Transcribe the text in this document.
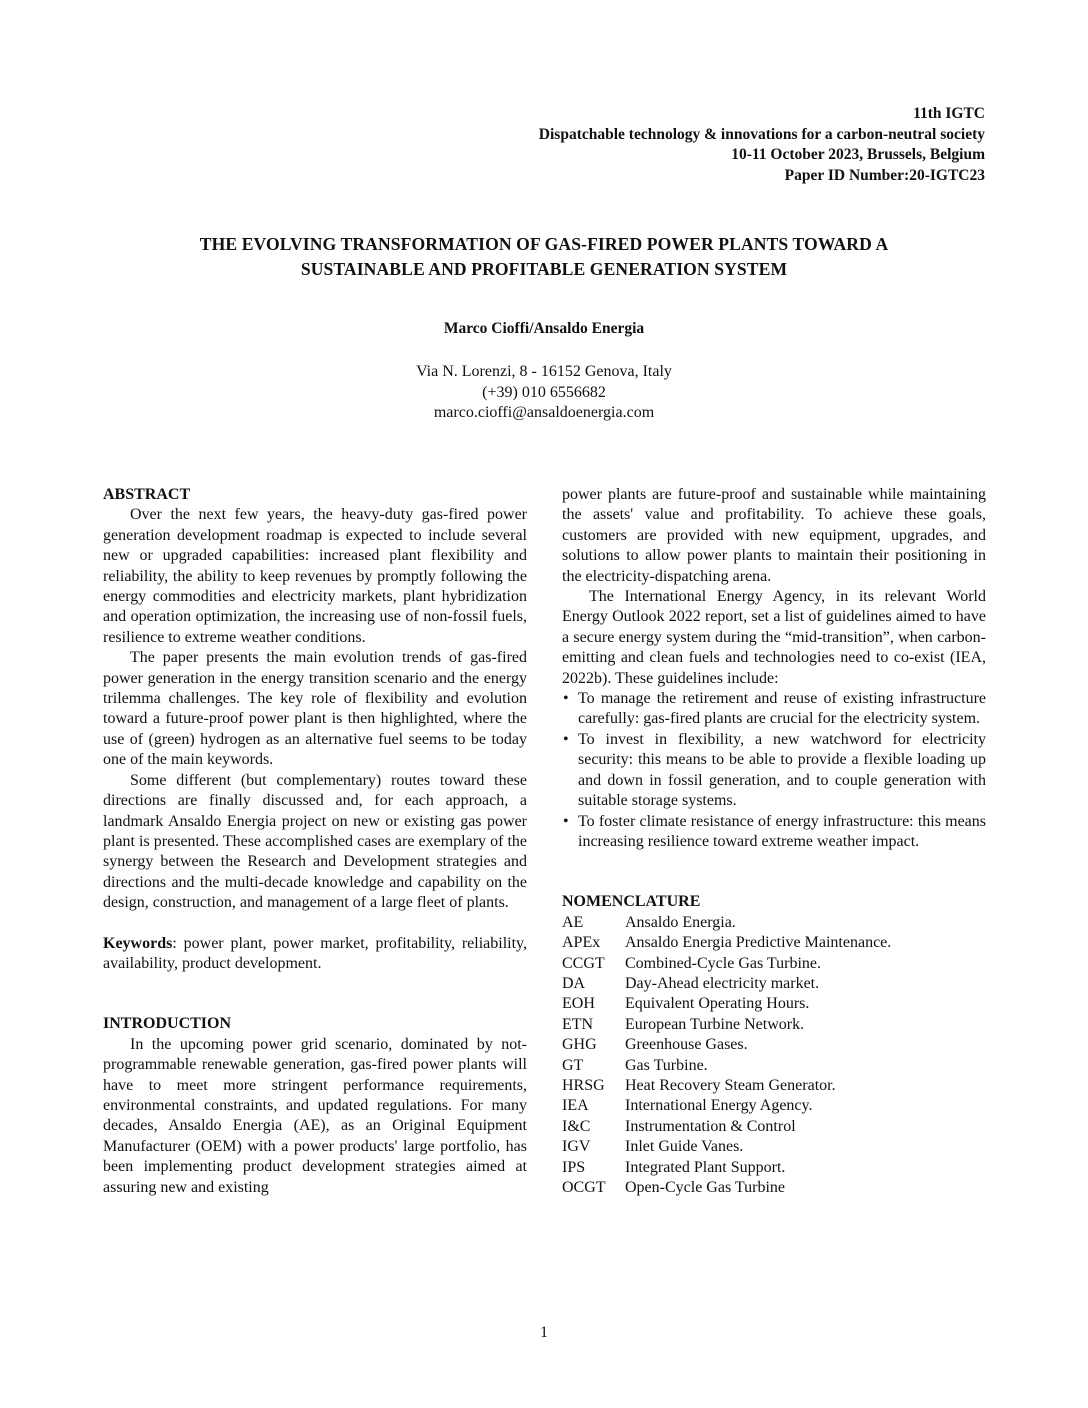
11th IGTC
Dispatchable technology & innovations for a carbon-neutral society
10-11 October 2023, Brussels, Belgium
Paper ID Number:20-IGTC23
THE EVOLVING TRANSFORMATION OF GAS-FIRED POWER PLANTS TOWARD A
SUSTAINABLE AND PROFITABLE GENERATION SYSTEM
Marco Cioffi/Ansaldo Energia
Via N. Lorenzi, 8 - 16152 Genova, Italy
(+39) 010 6556682
marco.cioffi@ansaldoenergia.com

ABSTRACT

Over the next few years, the heavy-duty gas-fired power generation development roadmap is expected to include several new or upgraded capabilities: increased plant flexibility and reliability, the ability to keep revenues by promptly following the energy commodities and electricity markets, plant hybridization and operation optimization, the increasing use of non-fossil fuels, resilience to extreme weather conditions.

The paper presents the main evolution trends of gas-fired power generation in the energy transition scenario and the energy trilemma challenges. The key role of flexibility and evolution toward a future-proof power plant is then highlighted, where the use of (green) hydrogen as an alternative fuel seems to be today one of the main keywords.

Some different (but complementary) routes toward these directions are finally discussed and, for each approach, a landmark Ansaldo Energia project on new or existing gas power plant is presented. These accomplished cases are exemplary of the synergy between the Research and Development strategies and directions and the multi-decade knowledge and capability on the design, construction, and management of a large fleet of plants.

Keywords: power plant, power market, profitability, reliability, availability, product development.

INTRODUCTION

In the upcoming power grid scenario, dominated by not-programmable renewable generation, gas-fired power plants will have to meet more stringent performance requirements, environmental constraints, and updated regulations. For many decades, Ansaldo Energia (AE), as an Original Equipment Manufacturer (OEM) with a power products' large portfolio, has been implementing product development strategies aimed at assuring new and existing

power plants are future-proof and sustainable while maintaining the assets' value and profitability. To achieve these goals, customers are provided with new equipment, upgrades, and solutions to allow power plants to maintain their positioning in the electricity-dispatching arena.

The International Energy Agency, in its relevant World Energy Outlook 2022 report, set a list of guidelines aimed to have a secure energy system during the “mid-transition”, when carbon-emitting and clean fuels and technologies need to co-exist (IEA, 2022b). These guidelines include:

• To manage the retirement and reuse of existing infrastructure carefully: gas-fired plants are crucial for the electricity system.
• To invest in flexibility, a new watchword for electricity security: this means to be able to provide a flexible loading up and down in fossil generation, and to couple generation with suitable storage systems.
• To foster climate resistance of energy infrastructure: this means increasing resilience toward extreme weather impact.

NOMENCLATURE

AE	Ansaldo Energia.
APEx	Ansaldo Energia Predictive Maintenance.
CCGT	Combined-Cycle Gas Turbine.
DA	Day-Ahead electricity market.
EOH	Equivalent Operating Hours.
ETN	European Turbine Network.
GHG	Greenhouse Gases.
GT	Gas Turbine.
HRSG	Heat Recovery Steam Generator.
IEA	International Energy Agency.
I&C	Instrumentation & Control
IGV	Inlet Guide Vanes.
IPS	Integrated Plant Support.
OCGT	Open-Cycle Gas Turbine
1
